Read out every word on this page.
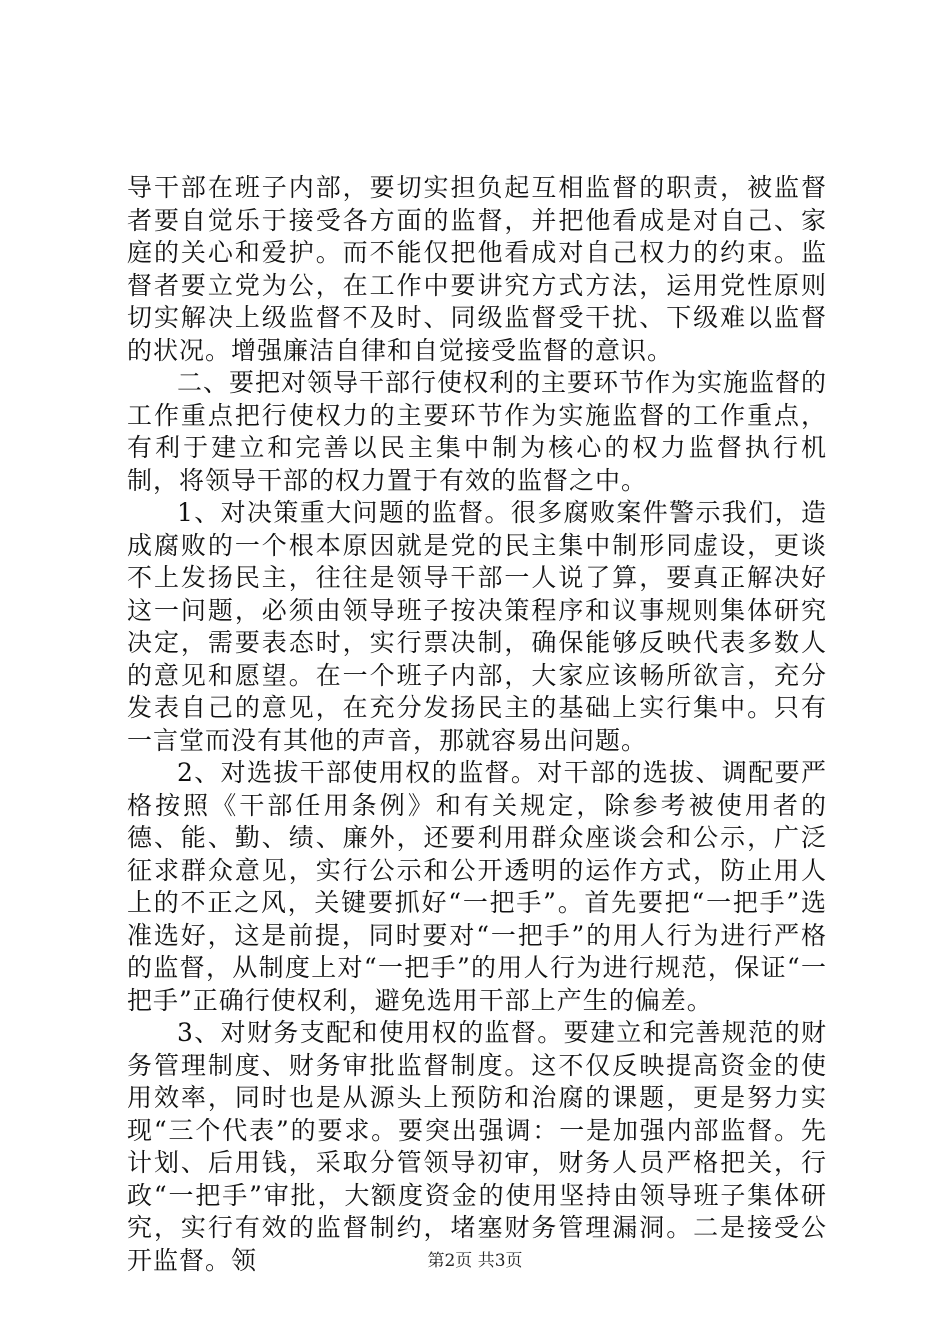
导干部在班子内部，要切实担负起互相监督的职责，被监督者要自觉乐于接受各方面的监督，并把他看成是对自己、家庭的关心和爱护。而不能仅把他看成对自己权力的约束。监督者要立党为公，在工作中要讲究方式方法，运用党性原则切实解决上级监督不及时、同级监督受干扰、下级难以监督的状况。增强廉洁自律和自觉接受监督的意识。

二、要把对领导干部行使权利的主要环节作为实施监督的工作重点把行使权力的主要环节作为实施监督的工作重点，有利于建立和完善以民主集中制为核心的权力监督执行机制，将领导干部的权力置于有效的监督之中。

1、对决策重大问题的监督。很多腐败案件警示我们，造成腐败的一个根本原因就是党的民主集中制形同虚设，更谈不上发扬民主，往往是领导干部一人说了算，要真正解决好这一问题，必须由领导班子按决策程序和议事规则集体研究决定，需要表态时，实行票决制，确保能够反映代表多数人的意见和愿望。在一个班子内部，大家应该畅所欲言，充分发表自己的意见，在充分发扬民主的基础上实行集中。只有一言堂而没有其他的声音，那就容易出问题。

2、对选拔干部使用权的监督。对干部的选拔、调配要严格按照《干部任用条例》和有关规定，除参考被使用者的德、能、勤、绩、廉外，还要利用群众座谈会和公示，广泛征求群众意见，实行公示和公开透明的运作方式，防止用人上的不正之风，关键要抓好“一把手”。首先要把“一把手”选准选好，这是前提，同时要对“一把手”的用人行为进行严格的监督，从制度上对“一把手”的用人行为进行规范，保证“一把手”正确行使权利，避免选用干部上产生的偏差。

3、对财务支配和使用权的监督。要建立和完善规范的财务管理制度、财务审批监督制度。这不仅反映提高资金的使用效率，同时也是从源头上预防和治腐的课题，更是努力实现“三个代表”的要求。要突出强调：一是加强内部监督。先计划、后用钱，采取分管领导初审，财务人员严格把关，行政“一把手”审批，大额度资金的使用坚持由领导班子集体研究，实行有效的监督制约，堵塞财务管理漏洞。二是接受公开监督。领	第2页 共3页
